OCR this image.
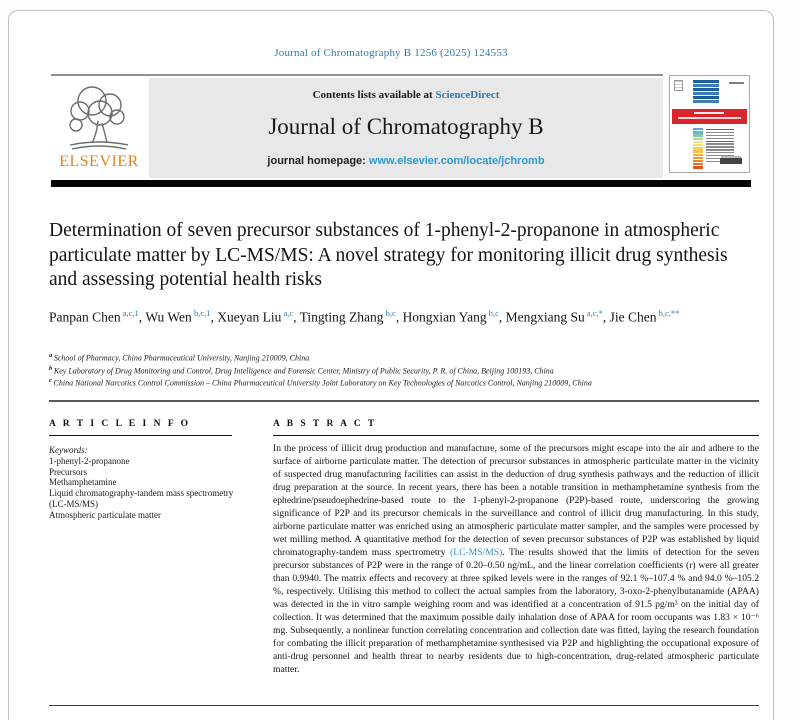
Journal of Chromatography B 1256 (2025) 124553
ELSEVIER
Contents lists available at ScienceDirect
Journal of Chromatography B
journal homepage: www.elsevier.com/locate/jchromb
Determination of seven precursor substances of 1-phenyl-2-propanone in atmospheric particulate matter by LC-MS/MS: A novel strategy for monitoring illicit drug synthesis and assessing potential health risks

Panpan Chen $^{a,c,1}$, Wu Wen $^{b,c,1}$, Xueyan Liu $^{a,c}$, Tingting Zhang $^{b,c}$, Hongxian Yang $^{b,c}$, Mengxiang Su $^{a,c,*}$, Jie Chen $^{b,c,**}$

$^a$ School of Pharmacy, China Pharmaceutical University, Nanjing 210009, China
$^b$ Key Laboratory of Drug Monitoring and Control, Drug Intelligence and Forensic Center, Ministry of Public Security, P. R. of China, Beijing 100193, China
$^c$ China National Narcotics Control Commission – China Pharmaceutical University Joint Laboratory on Key Technologies of Narcotics Control, Nanjing 210009, China
A R T I C L E I N F O	A B S T R A C T
Keywords:
1-phenyl-2-propanone
Precursors
Methamphetamine
Liquid chromatography-tandem mass spectrometry (LC-MS/MS)
Atmospheric particulate matter

In the process of illicit drug production and manufacture, some of the precursors might escape into the air and adhere to the surface of airborne particulate matter. The detection of precursor substances in atmospheric particulate matter in the vicinity of suspected drug manufacturing facilities can assist in the deduction of drug synthesis pathways and the reduction of illicit drug preparation at the source. In recent years, there has been a notable transition in methamphetamine synthesis from the ephedrine/pseudoephedrine-based route to the 1-phenyl-2-propanone (P2P)-based route, underscoring the growing significance of P2P and its precursor chemicals in the surveillance and control of illicit drug manufacturing. In this study, airborne particulate matter was enriched using an atmospheric particulate matter sampler, and the samples were processed by wet milling method. A quantitative method for the detection of seven precursor substances of P2P was established by liquid chromatography-tandem mass spectrometry (LC-MS/MS). The results showed that the limits of detection for the seven precursor substances of P2P were in the range of 0.20–0.50 ng/mL, and the linear correlation coefficients (r) were all greater than 0.9940. The matrix effects and recovery at three spiked levels were in the ranges of 92.1 %–107.4 % and 94.0 %–105.2 %, respectively. Utilising this method to collect the actual samples from the laboratory, 3-oxo-2-phenylbutanamide (APAA) was detected in the in vitro sample weighing room and was identified at a concentration of 91.5 pg/m³ on the initial day of collection. It was determined that the maximum possible daily inhalation dose of APAA for room occupants was 1.83 × 10⁻⁶ mg. Subsequently, a nonlinear function correlating concentration and collection date was fitted, laying the research foundation for combating the illicit preparation of methamphetamine synthesised via P2P and highlighting the occupational exposure of anti-drug personnel and health threat to nearby residents due to high-concentration, drug-related atmospheric particulate matter.
